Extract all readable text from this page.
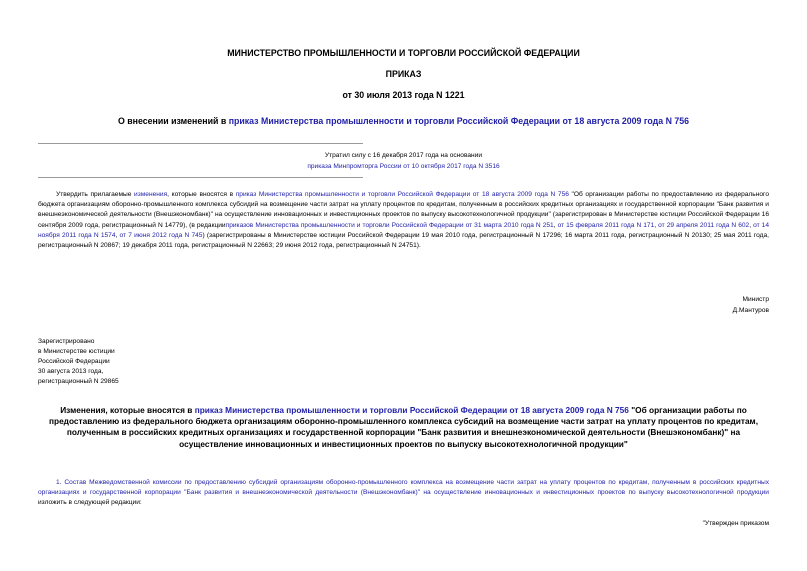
МИНИСТЕРСТВО ПРОМЫШЛЕННОСТИ И ТОРГОВЛИ РОССИЙСКОЙ ФЕДЕРАЦИИ
ПРИКАЗ
от 30 июля 2013 года N 1221
О внесении изменений в приказ Министерства промышленности и торговли Российской Федерации от 18 августа 2009 года N 756
Утратил силу с 16 декабря 2017 года на основании
приказа Минпромторга России от 10 октября 2017 года N 3516

Утвердить прилагаемые изменения, которые вносятся в приказ Министерства промышленности и торговли Российской Федерации от 18 августа 2009 года N 756 "Об организации работы по предоставлению из федерального бюджета организациям оборонно-промышленного комплекса субсидий на возмещение части затрат на уплату процентов по кредитам, полученным в российских кредитных организациях и государственной корпорации "Банк развития и внешнеэкономической деятельности (Внешэкономбанк)" на осуществление инновационных и инвестиционных проектов по выпуску высокотехнологичной продукции" (зарегистрирован в Министерстве юстиции Российской Федерации 16 сентября 2009 года, регистрационный N 14779), (в редакцииприказов Министерства промышленности и торговли Российской Федерации от 31 марта 2010 года N 251, от 15 февраля 2011 года N 171, от 29 апреля 2011 года N 602, от 14 ноября 2011 года N 1574, от 7 июня 2012 года N 745) (зарегистрированы в Министерстве юстиции Российской Федерации 19 мая 2010 года, регистрационный N 17296; 16 марта 2011 года, регистрационный N 20130; 25 мая 2011 года, регистрационный N 20867; 19 декабря 2011 года, регистрационный N 22663; 29 июня 2012 года, регистрационный N 24751).

Министр
Д.Мантуров
Зарегистрировано
в Министерстве юстиции
Российской Федерации
30 августа 2013 года,
регистрационный N 29865
Изменения, которые вносятся в приказ Министерства промышленности и торговли Российской Федерации от 18 августа 2009 года N 756 "Об организации работы по предоставлению из федерального бюджета организациям оборонно-промышленного комплекса субсидий на возмещение части затрат на уплату процентов по кредитам, полученным в российских кредитных организациях и государственной корпорации "Банк развития и внешнеэкономической деятельности (Внешэкономбанк)" на осуществление инновационных и инвестиционных проектов по выпуску высокотехнологичной продукции"

1. Состав Межведомственной комиссии по предоставлению субсидий организациям оборонно-промышленного комплекса на возмещение части затрат на уплату процентов по кредитам, полученным в российских кредитных организациях и государственной корпорации "Банк развития и внешнеэкономической деятельности (Внешэкономбанк)" на осуществление инновационных и инвестиционных проектов по выпуску высокотехнологичной продукции изложить в следующей редакции:

"Утвержден приказом
